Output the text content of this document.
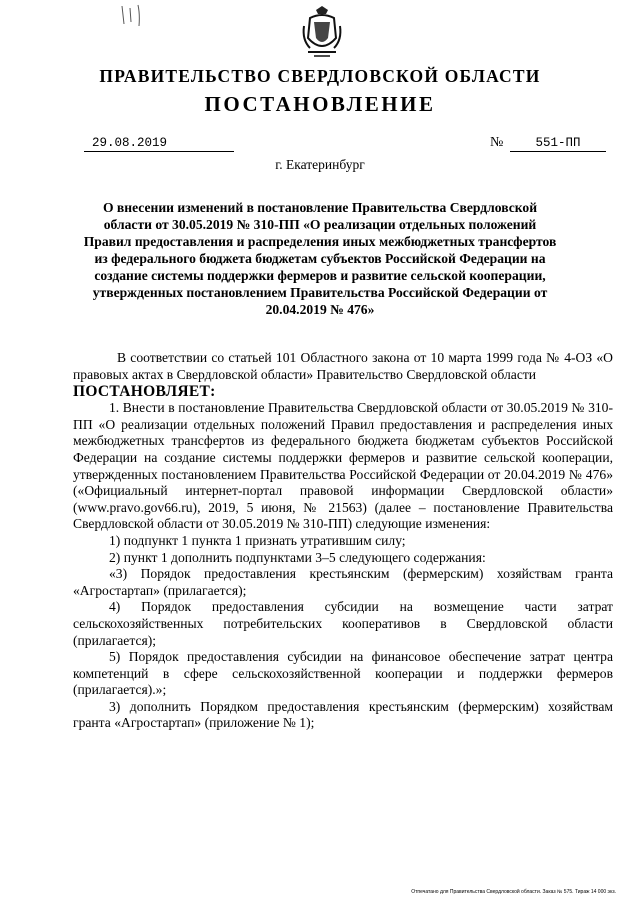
ПРАВИТЕЛЬСТВО СВЕРДЛОВСКОЙ ОБЛАСТИ
ПОСТАНОВЛЕНИЕ
29.08.2019	№	551-ПП
г. Екатеринбург
О внесении изменений в постановление Правительства Свердловской области от 30.05.2019 № 310-ПП «О реализации отдельных положений Правил предоставления и распределения иных межбюджетных трансфертов из федерального бюджета бюджетам субъектов Российской Федерации на создание системы поддержки фермеров и развитие сельской кооперации, утвержденных постановлением Правительства Российской Федерации от 20.04.2019 № 476»

В соответствии со статьей 101 Областного закона от 10 марта 1999 года № 4-ОЗ «О правовых актах в Свердловской области» Правительство Свердловской области

ПОСТАНОВЛЯЕТ:

1. Внести в постановление Правительства Свердловской области от 30.05.2019 № 310-ПП «О реализации отдельных положений Правил предоставления и распределения иных межбюджетных трансфертов из федерального бюджета бюджетам субъектов Российской Федерации на создание системы поддержки фермеров и развитие сельской кооперации, утвержденных постановлением Правительства Российской Федерации от 20.04.2019 № 476» («Официальный интернет-портал правовой информации Свердловской области» (www.pravo.gov66.ru), 2019, 5 июня, № 21563) (далее – постановление Правительства Свердловской области от 30.05.2019 № 310-ПП) следующие изменения:

1) подпункт 1 пункта 1 признать утратившим силу;

2) пункт 1 дополнить подпунктами 3–5 следующего содержания:

«3) Порядок предоставления крестьянским (фермерским) хозяйствам гранта «Агростартап» (прилагается);

4) Порядок предоставления субсидии на возмещение части затрат сельскохозяйственных потребительских кооперативов в Свердловской области (прилагается);

5) Порядок предоставления субсидии на финансовое обеспечение затрат центра компетенций в сфере сельскохозяйственной кооперации и поддержки фермеров (прилагается).»;

3) дополнить Порядком предоставления крестьянским (фермерским) хозяйствам гранта «Агростартап» (приложение № 1);

Отпечатано для Правительства Свердловской области. Заказ № 575. Тираж 14 000 экз.
